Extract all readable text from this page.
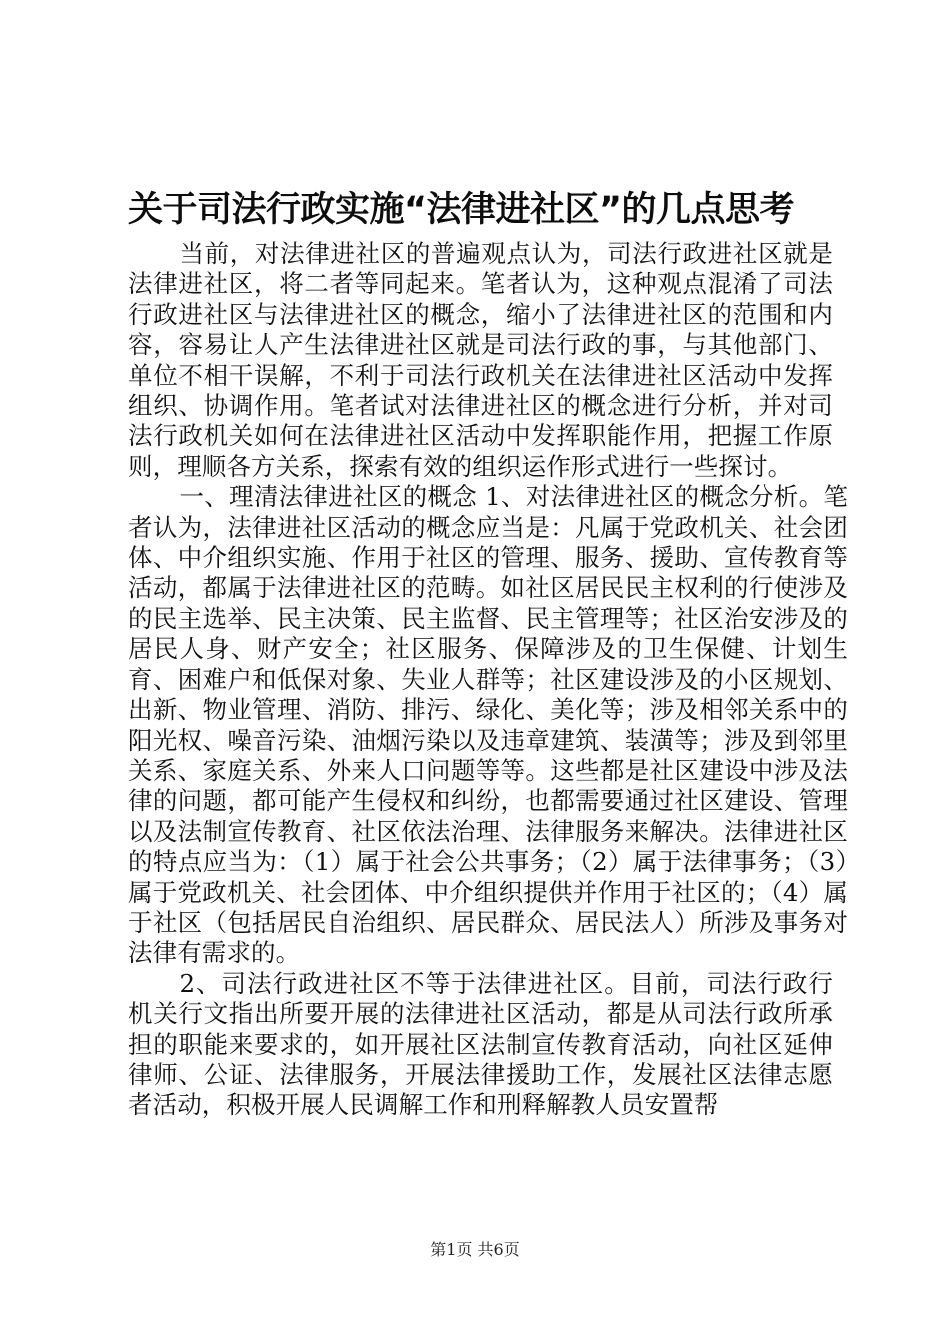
关于司法行政实施“法律进社区”的几点思考

当前，对法律进社区的普遍观点认为，司法行政进社区就是法律进社区，将二者等同起来。笔者认为，这种观点混淆了司法行政进社区与法律进社区的概念，缩小了法律进社区的范围和内容，容易让人产生法律进社区就是司法行政的事，与其他部门、单位不相干误解，不利于司法行政机关在法律进社区活动中发挥组织、协调作用。笔者试对法律进社区的概念进行分析，并对司法行政机关如何在法律进社区活动中发挥职能作用，把握工作原则，理顺各方关系，探索有效的组织运作形式进行一些探讨。

一、理清法律进社区的概念 1、对法律进社区的概念分析。笔者认为，法律进社区活动的概念应当是：凡属于党政机关、社会团体、中介组织实施、作用于社区的管理、服务、援助、宣传教育等活动，都属于法律进社区的范畴。如社区居民民主权利的行使涉及的民主选举、民主决策、民主监督、民主管理等；社区治安涉及的居民人身、财产安全；社区服务、保障涉及的卫生保健、计划生育、困难户和低保对象、失业人群等；社区建设涉及的小区规划、出新、物业管理、消防、排污、绿化、美化等；涉及相邻关系中的阳光权、噪音污染、油烟污染以及违章建筑、装潢等；涉及到邻里关系、家庭关系、外来人口问题等等。这些都是社区建设中涉及法律的问题，都可能产生侵权和纠纷，也都需要通过社区建设、管理以及法制宣传教育、社区依法治理、法律服务来解决。法律进社区的特点应当为：（1）属于社会公共事务；（2）属于法律事务；（3）属于党政机关、社会团体、中介组织提供并作用于社区的；（4）属于社区（包括居民自治组织、居民群众、居民法人）所涉及事务对法律有需求的。

2、司法行政进社区不等于法律进社区。目前，司法行政行机关行文指出所要开展的法律进社区活动，都是从司法行政所承担的职能来要求的，如开展社区法制宣传教育活动，向社区延伸律师、公证、法律服务，开展法律援助工作，发展社区法律志愿者活动，积极开展人民调解工作和刑释解教人员安置帮

第1页 共6页
